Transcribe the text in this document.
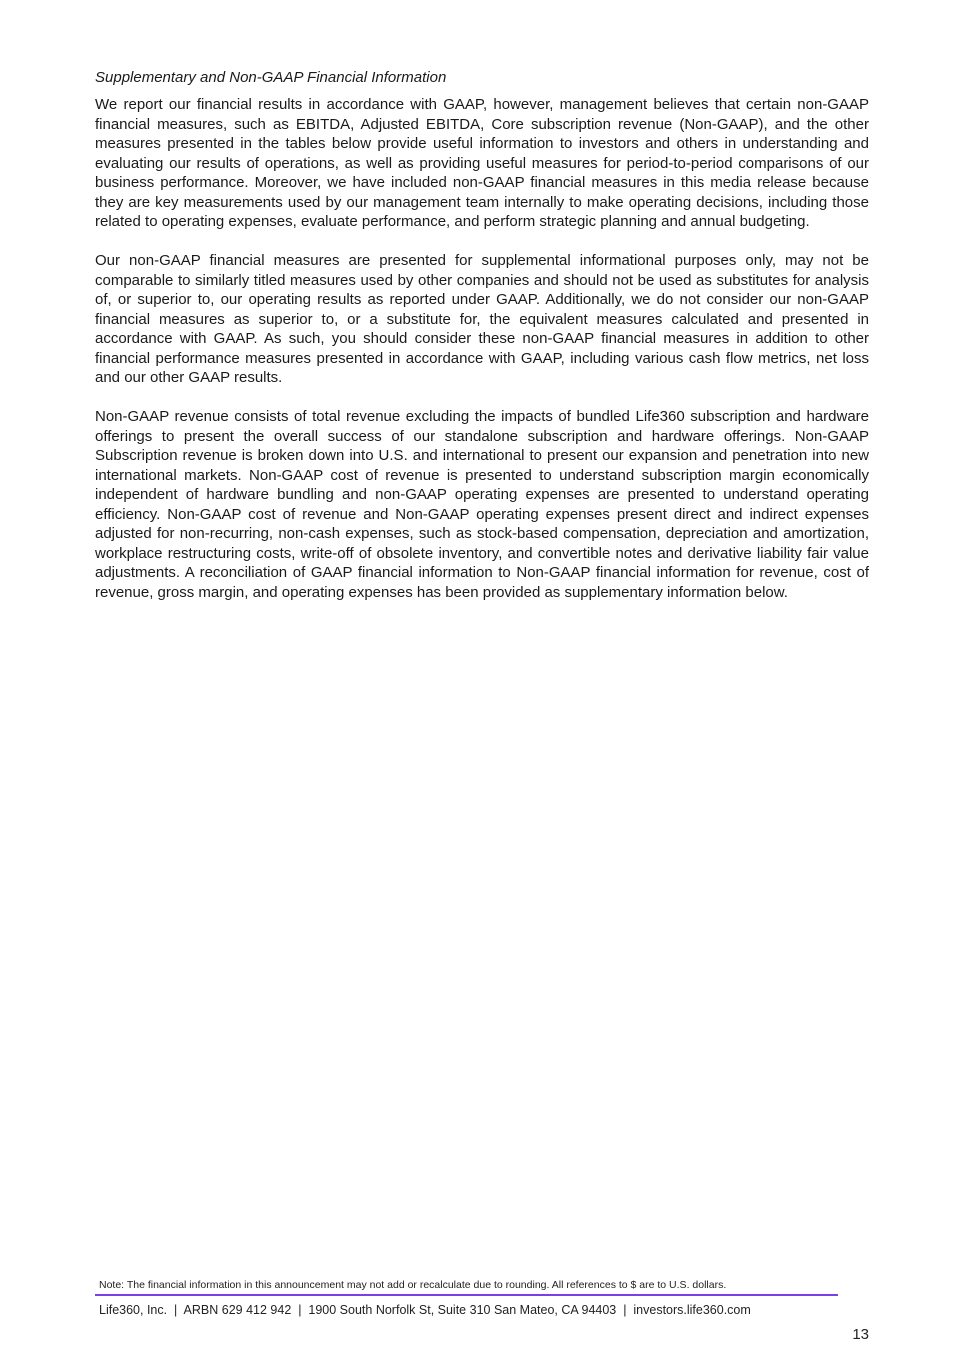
Supplementary and Non-GAAP Financial Information

We report our financial results in accordance with GAAP, however, management believes that certain non-GAAP financial measures, such as EBITDA, Adjusted EBITDA, Core subscription revenue (Non-GAAP), and the other measures presented in the tables below provide useful information to investors and others in understanding and evaluating our results of operations, as well as providing useful measures for period-to-period comparisons of our business performance. Moreover, we have included non-GAAP financial measures in this media release because they are key measurements used by our management team internally to make operating decisions, including those related to operating expenses, evaluate performance, and perform strategic planning and annual budgeting.

Our non-GAAP financial measures are presented for supplemental informational purposes only, may not be comparable to similarly titled measures used by other companies and should not be used as substitutes for analysis of, or superior to, our operating results as reported under GAAP. Additionally, we do not consider our non-GAAP financial measures as superior to, or a substitute for, the equivalent measures calculated and presented in accordance with GAAP. As such, you should consider these non-GAAP financial measures in addition to other financial performance measures presented in accordance with GAAP, including various cash flow metrics, net loss and our other GAAP results.

Non-GAAP revenue consists of total revenue excluding the impacts of bundled Life360 subscription and hardware offerings to present the overall success of our standalone subscription and hardware offerings. Non-GAAP Subscription revenue is broken down into U.S. and international to present our expansion and penetration into new international markets. Non-GAAP cost of revenue is presented to understand subscription margin economically independent of hardware bundling and non-GAAP operating expenses are presented to understand operating efficiency. Non-GAAP cost of revenue and Non-GAAP operating expenses present direct and indirect expenses adjusted for non-recurring, non-cash expenses, such as stock-based compensation, depreciation and amortization, workplace restructuring costs, write-off of obsolete inventory, and convertible notes and derivative liability fair value adjustments. A reconciliation of GAAP financial information to Non-GAAP financial information for revenue, cost of revenue, gross margin, and operating expenses has been provided as supplementary information below.

Note: The financial information in this announcement may not add or recalculate due to rounding. All references to $ are to U.S. dollars.
Life360, Inc.  |  ARBN 629 412 942  |  1900 South Norfolk St, Suite 310 San Mateo, CA 94403  |  investors.life360.com
13
